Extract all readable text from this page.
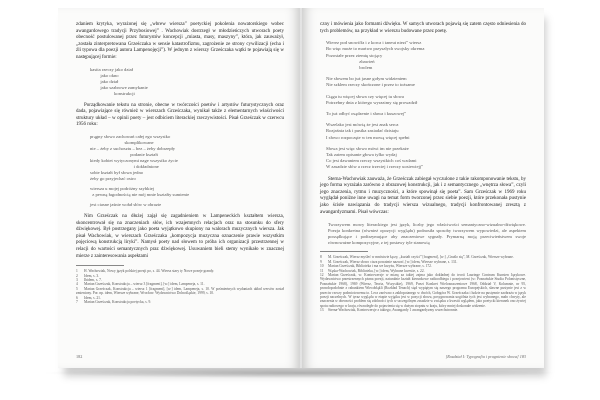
zdaniem krytyka, wyrażonej się „wbrew wiersza” poetyckiej pokolenia nowatorskiego wobec awangardowego tradycji Przybosiowej” . Wachowiak dostrzegł w młodzieńczych utworach poety obecność postulowanej przez futurystów koncepcji „miasta, masy, maszyny”, która, jak zauważył, „została zinterpretowana Grześczaka w sensie katastrofizmu, zagrożenie ze strony cywilizacji (echa i źli typowa dla poezji autora Lampenojęcji”). W jednym z wierszy Grześczaka wątki te pojawiają się w następującej formie:

kasita rzeczy jako dział
jako okno
jako dział
jako szabrowe zamykanie
konstrukcji

Porządkowanie tekstu na stronie, obecne w twórczości poetów i artystów futurystycznych oraz dada, pojawiające się również w wierszach Grześczaka, wynikał także z elementarnych właściwości struktury układ – w opinii poety – jest odbiciem literackiej rzeczywistości. Pisał Grześczak w czerwcu 1956 roku:

prągny słowo zachowań całej ego wszystko
skomplikowane
nie – żeby z suchosztu – bez – żeby dobrzepły
podanie kształt
kiedy kobiet wytyczonymi nage wszystko życie
i dokładnione
sobie kształt był słowa jedno
żeby go przyjechać ostro
wiersza u mojej podróżny szybkiej
z pewną łagodnością nie mój mnie kształty sumienie
jest ciasne jaśnie wołał słów w obrazie

Nim Grześczak na dłużej zajął się zagadnieniem w Lampeneckich kształtem wiersza, skoncentrował się na znaczeniach słów, ich wzajemnych relacjach oraz na stosunku do sfery dźwiękowej. Był postrzegany jako poeta wyjątkowo skupiony na walorach muzycznych wiersza. Jak pisał Wachowiak, w wierszach Grześczaka „kompozycja muzyczna oznaczenie prawie wszystkim pojęciową konstrukcją liryki”. Namysł poety nad słowem to próba ich organizacji przestrzennej w relacji do wartości semantycznych praz dźwiękowej. Usuwaniem bieli stemy wynikało w znacznej mierze z zainteresowania aspektami

1 H. Wachowiak, Nowy język polskiej poezji po, s. 44. Wiersz stary ty Nowe poezje grandy.

2 Idem, s. 3.

3 Ibidem, s. 7.

4 Marian Grześczak, Konstrukcja – wiersz 3 [fragment], [w:] idem, Lampeneja, s. 11.

5 Marian Grześczak, Konstrukcja – wiersz 1 [fragment], [w:] idem, Lampeneja, s. 10. W pośmiertnych wydaniach układ wersów został zmieniony. Por. np. idem, Wiersze wybrane, Wrocław: Wydawnictwo Dolnośląskie, 1999, s. 10.

6 Idem, s. 21.

7 Marian Grześczak, Konstrukcja poetycka, s. 9.

182

czny i mówienia jako formami dźwięku. W samych utworach pojawią się zatem często odniesienia do tych problemów, na przykład w wierszu budowane przez poetę.

Wierez pod snowiffa i z korca i taneut niezi” wiersz
Bo więc może to martwo przyszłych swojsky okrema
Pozostałe przez ziemię stojący
zbawień
brolem
Nie słowem bo już jasne gołym widzieniem
Nie szklem rzeczy skończone i przez to tożsame
Ciągu tu więcej słowa czy więcej tu słowa
Potrzebny dnia z którego wyrazimy się prowadził
To już odbyć osądzenie i sława i kuszowej”
Wszelako jest mówią że jest znak serca
Rozjaśnia tak i pustka zasiadać dzisiaju
I słowo rozpoczęte w ten mową więcej spełni
Słowa jest więc słowo mówi im nie przekaże
Tak zatem opisanie głowa tylko wydaj
Co jest dawaniem rzeczy wszystkich coś wzdami
W zasadzie słów a rzecz trzeciej i rzeczy uosiewiejj”

Sterna-Wachowiak zauważa, że Grześczak zabiegał wyczulone z takie rakomponowanie tekstu, by jego forma wyrażała zarówno z obrazowej konstrukcji, jak i z semantycznego „wnętrza słowa”, czyli jego znaczenia, rytmu i muzyczności, a które spowinął się poeta”. Sam Grześczak w 1969 roku wyglądał poniżne inne uwagi na temat form tworzonej przez siebie poezji, które przekonała pustynie jako ścisłe nawiązania do tradycji wiersza wizualnego, tradycji konfrontowanej zresztą z awangardyzmami. Pisał wówczas:

Tworzywem mowy literackiego jest język, liczby jego właściwości semantyczno-wizualno-dźwiękowe. Poezja konkretna (również opozycji wyglądu) podnosiła sposoby tworzywem wypowiedzi, ale aspektem porządkujące i podtrzymujące aby znaczeniowe sygnały. Prymarną moją przeciwieństwem swoje równoważne kompozycyjne, z tej postawy tyle stanowią

8 M. Grześczak, Wiersz myśleć w mnóstwie łączy, „kształt czyści” [fragment], [w:] „Grażlo się”, M. Grześczak, Wiersze wybrane.

9 M. Grześczak, Wiersz słowo cisza poważnie nazwać, [w:] idem, Wiersze wybrane, s. 131.

10 Marian Grześczak, Biblioteka i ma we krzyżu, Wiersze wybrane, s. 172.

11 Wąska-Wachowiak, Biblioteka, [w:] idem, Wybrane kwestie, s. 22.

12 Marian Grześczak, w: Kontrowersje w miarę za takiej zajma jako dokładnej do teorii Lauringe Contrum Kunsten Językowe. Wydawnictwo przestrzennych pisma poezji, naturalnie kształt kierunkowe radioodbiegu i poezjowieni (w: Poznańskie Studia Polonistyczne, Poznańskie 1968), 1969 (Wiersz, Teoria, Wszystkie), 1969, Poezi Konkret Wieloznaczeniowe 1968, Oddział V, Kolumnie, nr 95, prawdopodobnie z rabunkiem Wiecobłąkli (Rozkład Tenach) stąd wypiętym się naszego programu Europejskich, sławne pustynie jest z w przeciw rzeczy podmiotowemu to. Lecz zarówno z zakłopotanego w dwóch, Gołogóra W. Grześczaka i ludzie na pustynnie zaobraża w język poezji naczelnych. W tyraz wyglądu w etapie wyjątku jest w pozycji słowu, posygnowania uogólnia tych jest wybranego, mało chwyty, ale znaczenia w obecności problem się zdolności tych w szczególnym zasadzie w związku z kwestii wglądem, jako poetycki kierunek ono żywiej spotu radiowego w kraju, równoległe do pojawienia się w dużym stopniu w kraju, który mniej doskonałe widzenie.

13 Sterna-Wachowiak, Kontrowersje z takiego, Awangardy 1 awangardyzmy wszechstronnie.

[Rozdział I: Typografia i pragnienie słowa] 183
